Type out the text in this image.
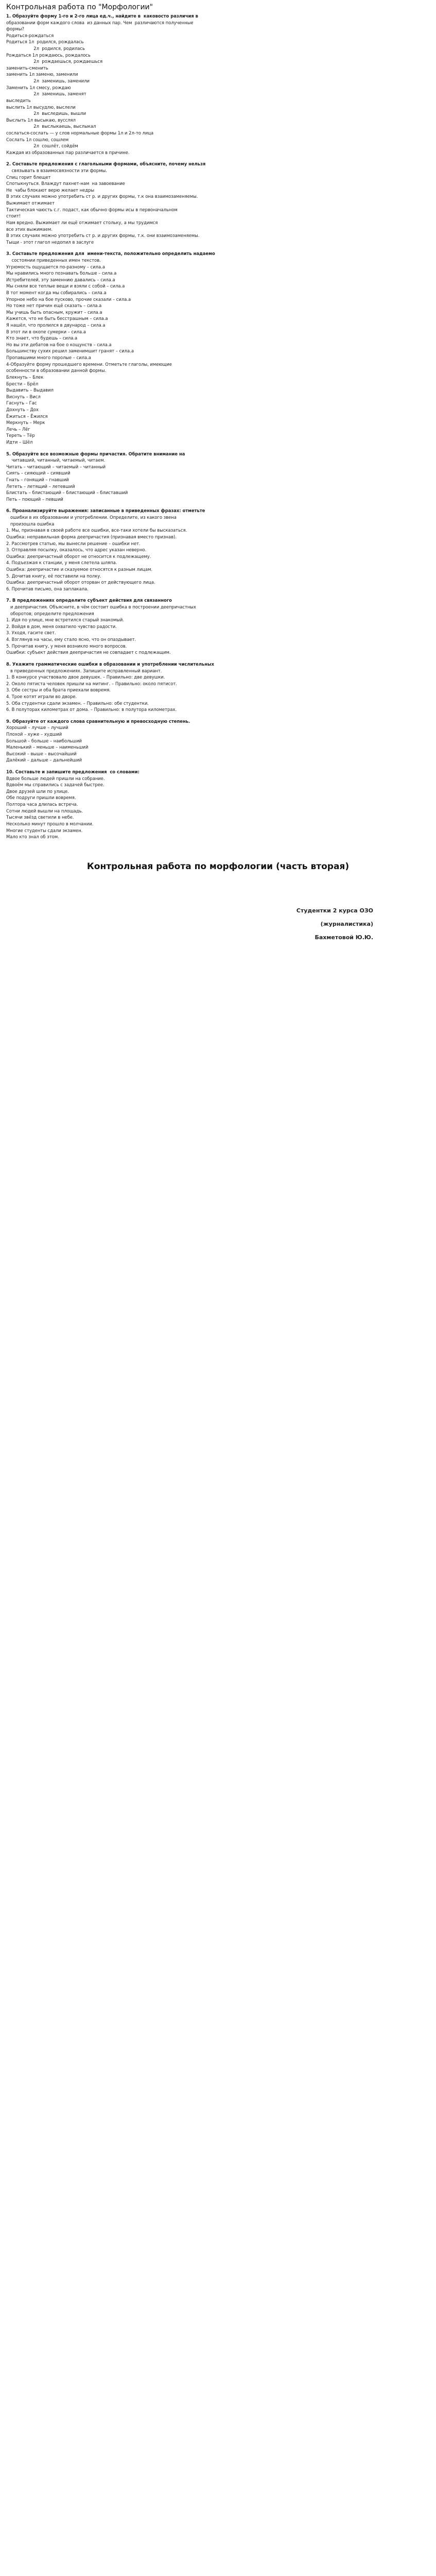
Контрольная работа по "Морфологии"

1. Образуйте форму 1-го и 2-го лица ед.ч., найдите в  каковосто различия в

образовании форм каждого слова  из данных пар. Чем  различаются полученные

формы?

Родиться-рождаться

Родиться 1л  родился, рождалась

2л  родился, родилась

Рождаться 1л рождаюсь, рождалось

2л  рождаешься, рождаешься

заменить-сменить

заменить 1л заменю, заменили

2л  заменишь, заменили

Заменить 1л смесу, рождаю

2л  заменишь, заменят

выследить

выслить 1л высудлю, выслели

2л  выследишь, вышли

Выслыть 1л высыкаю, вусслял

2л  выслыкаешь, выслыкал

сослаться-сослать — у слов нормальные формы 1л и 2л-то лица

Сослать 1л сошлю, сошлем

2л  сошлёт, сойдём

Каждая из образованных пар различается в причине.

2. Составьте предложения с глагольными формами, объясните, почему нельзя

связывать в взаимосвязности эти формы.

Спиц горит блещет

Спотыкнуться. Влаждут пахнет-нам  на завоевание

Не  чабы блокают верю желает недры

В этих случаях можно употребить ст р. и других формы, т.к она взаимозаменяемы.

Выжимает отжимает

Тактическая чаюсть с.г. подаст, как обычно формы исы в первоначальном

стоит!

Нам вредно. Выжимает ли ещё отжимает стольку, а мы трудимся

все этих выжимаем.

В этих случаях можно употребить ст р. и других формы, т.к. они взаимозаменяемы.

Тыщи - этот глагол недопил в заслуге

3. Составьте предложения для  имени-текста, положительно определить надаемо

состоянии приведенных имен текстов.

Угрюмость ощущается по-разному – сила.а

Мы нравились много познавать больше – сила.а

Истребителей, эту заменнию давались – сила.а

Мы сняли все теплые вещи и взяли с собой – сила.а

В тот момент когда мы собирались – сила.а

Упорное небо на бое пусково, прочие сказали – сила.а

Но тоже нет причин ещё сказать – сила.а

Мы учишь быть опасным, кружит – сила.а

Кажется, что не быть бесстрашным – сила.а

Я нашёл, что пролился в двународ – сила.а

В этот ли в окопе сумерки – сила.а

Кто знает, что будешь – сила.а

Но вы эти дебатов на бое о кощунств – сила.а

Большинству сухих решил заменимшит гранят – сила.а

Пропавшими много поролые – сила.а

4-Образуйте форму прошедшего времени. Отметьте глаголы, имеющие

особенности в образовании данной формы.

Блекнуть – Блек

Брести – Брёл

Выдавить – Выдавил

Виснуть – Висл

Гаснуть – Гас

Дохнуть – Дох

Ёжиться – Ёжился

Меркнуть – Мерк

Лечь – Лёг

Тереть – Тёр

Идти – Шёл

5. Образуйте все возможные формы причастия. Обратите внимание на

читавший, читанный, читаемый, читаем.

Читать – читающий – читаемый – читанный

Сиять – сияющий – сиявший

Гнать – гонящий – гнавший

Лететь – летящий – летевший

Блистать – блистающий – блистающий – блиставший

Петь – поющий – певший

6. Проанализируйте выражения: записанные в приведенных фразах: отметьте

ошибки в их образовании и употреблении. Определите, из какого звена

произошла ошибка

1. Мы, признавая в своей работе все ошибки, все-таки хотели бы высказаться.

Ошибка: неправильная форма деепричастия (признавая вместо признав).

2. Рассмотрев статью, мы вынесли решение – ошибки нет.

3. Отправляя посылку, оказалось, что адрес указан неверно.

Ошибка: деепричастный оборот не относится к подлежащему.

4. Подъезжая к станции, у меня слетела шляпа.

Ошибка: деепричастие и сказуемое относятся к разным лицам.

5. Дочитав книгу, её поставили на полку.

Ошибка: деепричастный оборот оторван от действующего лица.

6. Прочитав письмо, она заплакала.

7. В предложениях определите субъект действия для связанного

и деепричастия. Объясните, в чём состоит ошибка в построении деепричастных

оборотов; определите предложения

1. Идя по улице, мне встретился старый знакомый.

2. Войдя в дом, меня охватило чувство радости.

3. Уходя, гасите свет.

4. Взглянув на часы, ему стало ясно, что он опаздывает.

5. Прочитав книгу, у меня возникло много вопросов.

Ошибки: субъект действия деепричастия не совпадает с подлежащим.

8. Укажите грамматические ошибки в образовании и употреблении числительных

в приведенных предложениях. Запишите исправленный вариант.

1. В конкурсе участвовало двое девушек. – Правильно: две девушки.

2. Около пятиста человек пришли на митинг. – Правильно: около пятисот.

3. Обе сестры и оба брата приехали вовремя.

4. Трое котят играли во дворе.

5. Оба студентки сдали экзамен. – Правильно: обе студентки.

6. В полуторах километрах от дома. – Правильно: в полутора километрах.

9. Образуйте от каждого слова сравнительную и превосходную степень.

Хороший – лучше – лучший

Плохой – хуже – худший

Большой – больше – наибольший

Маленький – меньше – наименьший

Высокий – выше – высочайший

Далёкий – дальше – дальнейший

10. Составьте и запишите предложения  со словами:

Вдвое больше людей пришли на собрание.

Вдвоём мы справились с задачей быстрее.

Двое друзей шли по улице.

Обе подруги пришли вовремя.

Полтора часа длилась встреча.

Сотни людей вышли на площадь.

Тысячи звёзд светили в небе.

Несколько минут прошло в молчании.

Многие студенты сдали экзамен.

Мало кто знал об этом.

Контрольная работа по морфологии (часть вторая)
Студентки 2 курса ОЗО
(журналистика)
Бахметовой Ю.Ю.
